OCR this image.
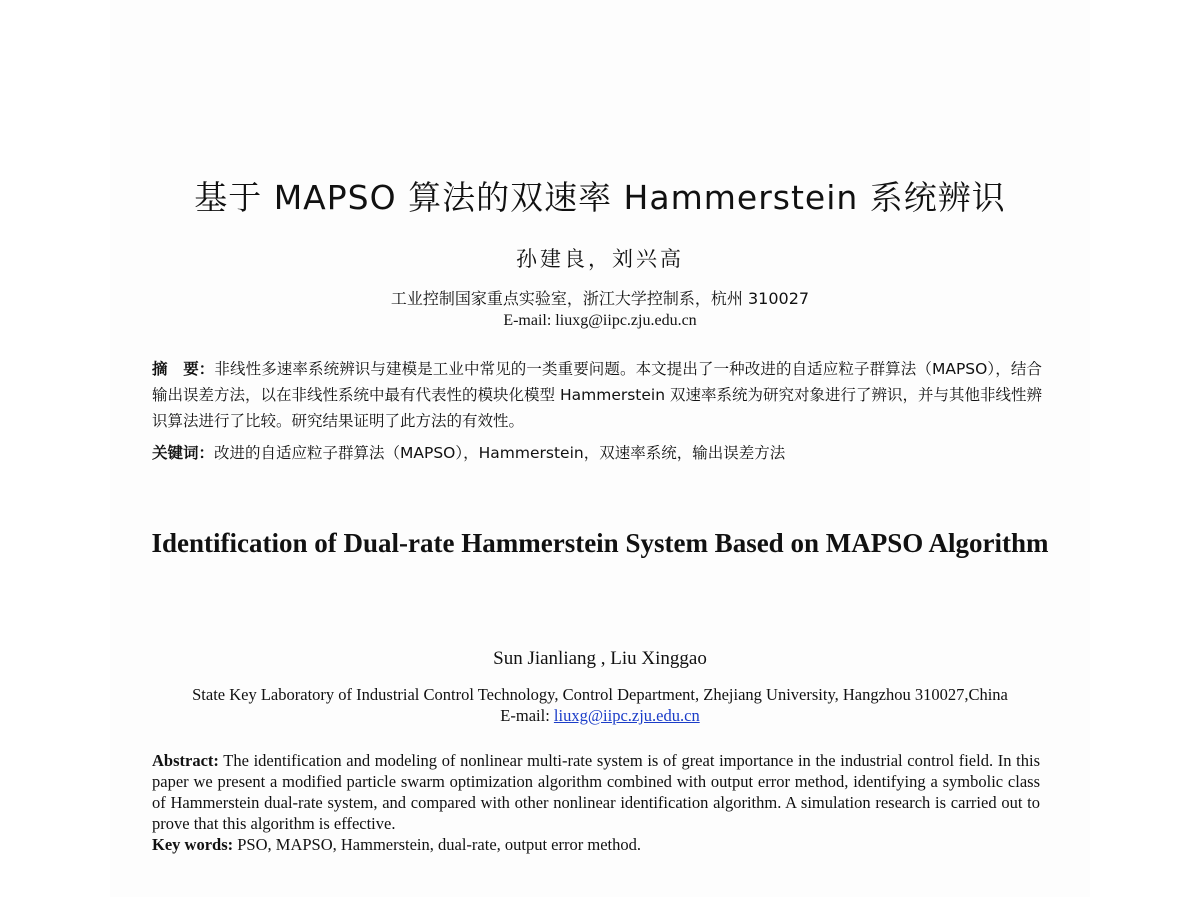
基于 MAPSO 算法的双速率 Hammerstein 系统辨识
孙建良，刘兴高
工业控制国家重点实验室，浙江大学控制系，杭州 310027
E-mail: liuxg@iipc.zju.edu.cn
摘　要：非线性多速率系统辨识与建模是工业中常见的一类重要问题。本文提出了一种改进的自适应粒子群算法（MAPSO），结合输出误差方法，以在非线性系统中最有代表性的模块化模型 Hammerstein 双速率系统为研究对象进行了辨识，并与其他非线性辨识算法进行了比较。研究结果证明了此方法的有效性。
关键词：改进的自适应粒子群算法（MAPSO），Hammerstein，双速率系统，输出误差方法
Identification of Dual-rate Hammerstein System Based on MAPSO Algorithm
Sun Jianliang , Liu Xinggao
State Key Laboratory of Industrial Control Technology, Control Department, Zhejiang University, Hangzhou 310027,China
E-mail: liuxg@iipc.zju.edu.cn
Abstract: The identification and modeling of nonlinear multi-rate system is of great importance in the industrial control field. In this paper we present a modified particle swarm optimization algorithm combined with output error method, identifying a symbolic class of Hammerstein dual-rate system, and compared with other nonlinear identification algorithm. A simulation research is carried out to prove that this algorithm is effective.
Key words: PSO, MAPSO, Hammerstein, dual-rate, output error method.
